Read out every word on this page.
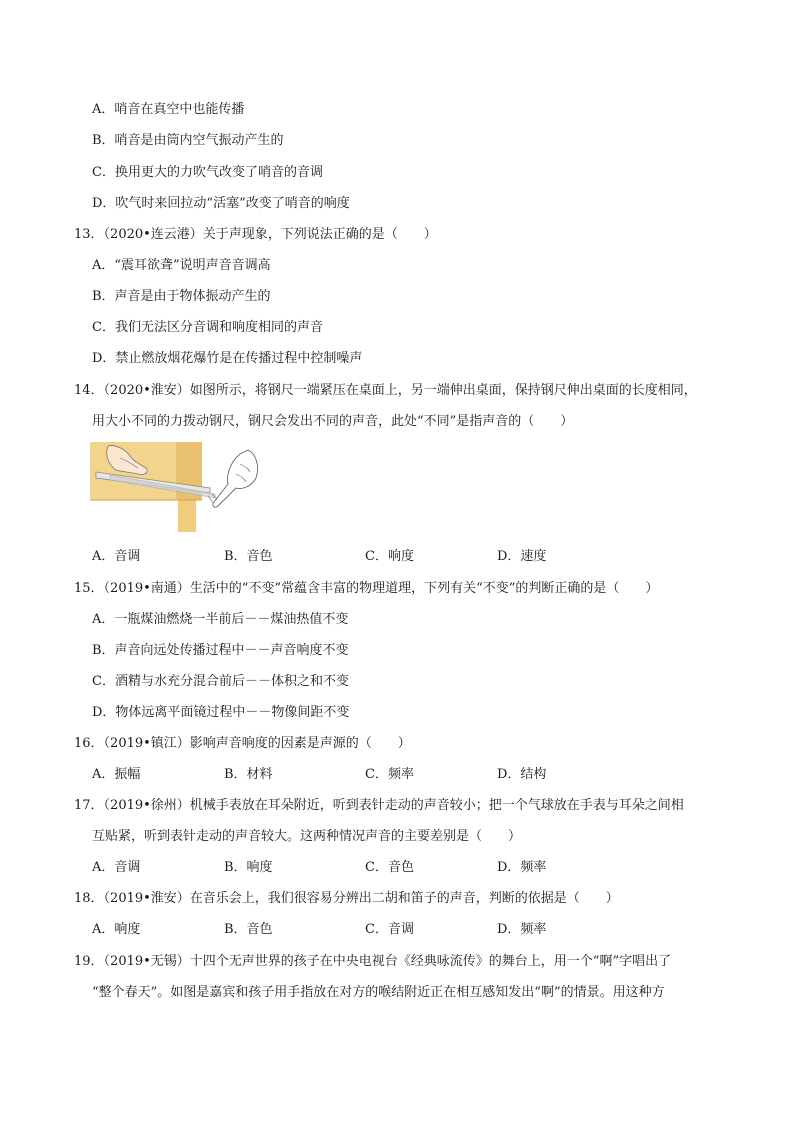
A．哨音在真空中也能传播
B．哨音是由筒内空气振动产生的
C．换用更大的力吹气改变了哨音的音调
D．吹气时来回拉动“活塞”改变了哨音的响度
13．（2020•连云港）关于声现象，下列说法正确的是（　　）
A．“震耳欲聋”说明声音音调高
B．声音是由于物体振动产生的
C．我们无法区分音调和响度相同的声音
D．禁止燃放烟花爆竹是在传播过程中控制噪声
14．（2020•淮安）如图所示，将钢尺一端紧压在桌面上，另一端伸出桌面，保持钢尺伸出桌面的长度相同，
用大小不同的力拨动钢尺，钢尺会发出不同的声音，此处“不同”是指声音的（　　）
A．音调	B．音色	C．响度	D．速度
15．（2019•南通）生活中的“不变”常蕴含丰富的物理道理，下列有关“不变”的判断正确的是（　　）
A．一瓶煤油燃烧一半前后－－煤油热值不变
B．声音向远处传播过程中－－声音响度不变
C．酒精与水充分混合前后－－体积之和不变
D．物体远离平面镜过程中－－物像间距不变
16．（2019•镇江）影响声音响度的因素是声源的（　　）
A．振幅	B．材料	C．频率	D．结构
17．（2019•徐州）机械手表放在耳朵附近，听到表针走动的声音较小；把一个气球放在手表与耳朵之间相
互贴紧，听到表针走动的声音较大。这两种情况声音的主要差别是（　　）
A．音调	B．响度	C．音色	D．频率
18．（2019•淮安）在音乐会上，我们很容易分辨出二胡和笛子的声音，判断的依据是（　　）
A．响度	B．音色	C．音调	D．频率
19．（2019•无锡）十四个无声世界的孩子在中央电视台《经典咏流传》的舞台上，用一个“啊”字唱出了
“整个春天”。如图是嘉宾和孩子用手指放在对方的喉结附近正在相互感知发出“啊”的情景。用这种方
